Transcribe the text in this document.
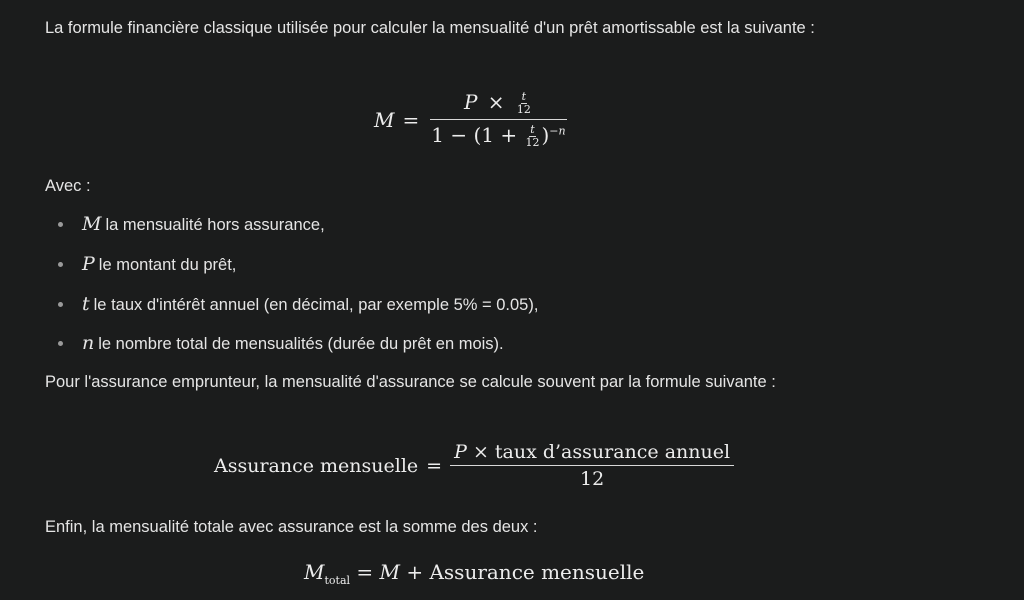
La formule financière classique utilisée pour calculer la mensualité d'un prêt amortissable est la suivante :
$M = \frac{P \times \frac{t}{12}}{1 - (1 + \frac{t}{12} )^{-n}}$
Avec :
M la mensualité hors assurance,
P le montant du prêt,
t le taux d'intérêt annuel (en décimal, par exemple 5% = 0.05),
n le nombre total de mensualités (durée du prêt en mois).
Pour l'assurance emprunteur, la mensualité d'assurance se calcule souvent par la formule suivante :
Assurance mensuelle = $\frac{\text{P × taux d’assurance annuel}}{12}$
Enfin, la mensualité totale avec assurance est la somme des deux :
$M_{total} = M$ + Assurance mensuelle
